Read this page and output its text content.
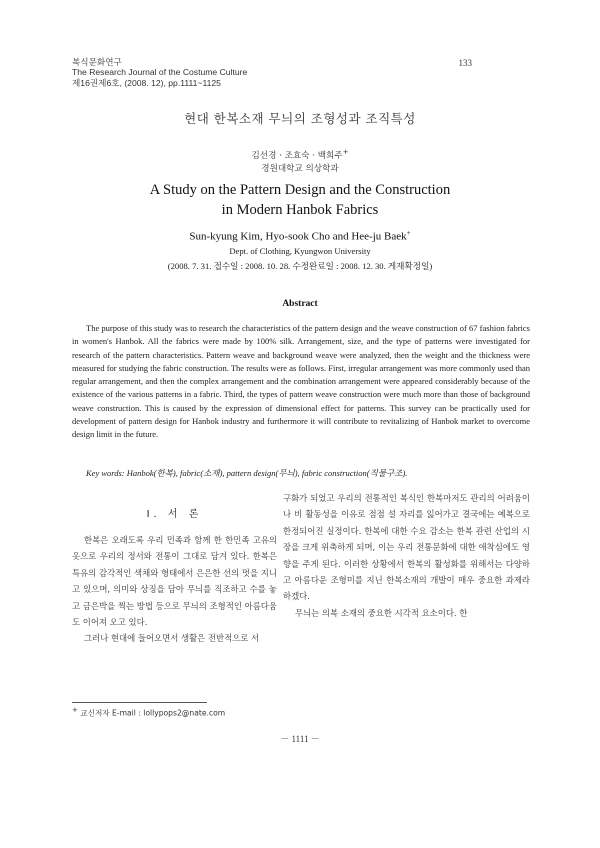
복식문화연구
The Research Journal of the Costume Culture
제16권제6호, (2008. 12), pp.1111~1125
133
현대 한복소재 무늬의 조형성과 조직특성
김선경 · 조효숙 · 백희주+
경원대학교 의상학과
A Study on the Pattern Design and the Construction
in Modern Hanbok Fabrics
Sun-kyung Kim, Hyo-sook Cho and Hee-ju Baek+
Dept. of Clothing, Kyungwon University
(2008. 7. 31. 접수일 : 2008. 10. 28. 수정완료일 : 2008. 12. 30. 게재확정일)
Abstract

The purpose of this study was to research the characteristics of the pattern design and the weave construction of 67 fashion fabrics in women's Hanbok. All the fabrics were made by 100% silk. Arrangement, size, and the type of patterns were investigated for research of the pattern characteristics. Pattern weave and background weave were analyzed, then the weight and the thickness were measured for studying the fabric construction. The results were as follows. First, irregular arrangement was more commonly used than regular arrangement, and then the complex arrangement and the combination arrangement were appeared considerably because of the existence of the various patterns in a fabric. Third, the types of pattern weave construction were much more than those of background weave construction. This is caused by the expression of dimensional effect for patterns. This survey can be practically used for development of pattern design for Hanbok industry and furthermore it will contribute to revitalizing of Hanbok market to overcome design limit in the future.

Key words: Hanbok(한복), fabric(소재), pattern design(무늬), fabric construction(직물구조).
Ⅰ. 서 론

한복은 오래도록 우리 민족과 함께 한 한민족 고유의 옷으로 우리의 정서와 전통이 그대로 담겨 있다. 한복은 특유의 감각적인 색채와 형태에서 은은한 선의 멋을 지니고 있으며, 의미와 상징을 담아 무늬를 직조하고 수를 놓고 금은박을 찍는 방법 등으로 무늬의 조형적인 아름다움도 이어져 오고 있다.

그러나 현대에 들어오면서 생활은 전반적으로 서

구화가 되었고 우리의 전통적인 복식인 한복마저도 관리의 어려움이나 비 활동성을 이유로 점점 설 자리를 잃어가고 결국에는 예복으로 한정되어진 실정이다. 한복에 대한 수요 감소는 한복 관련 산업의 시장을 크게 위축하게 되며, 이는 우리 전통문화에 대한 애착심에도 영향을 주게 된다. 이러한 상황에서 한복의 활성화를 위해서는 다양하고 아름다운 조형미를 지닌 한복소재의 개발이 매우 중요한 과제라 하겠다.

무늬는 의복 소재의 중요한 시각적 요소이다. 한

+ 교신저자 E-mail : lollypops2@nate.com
－ 1111 －
